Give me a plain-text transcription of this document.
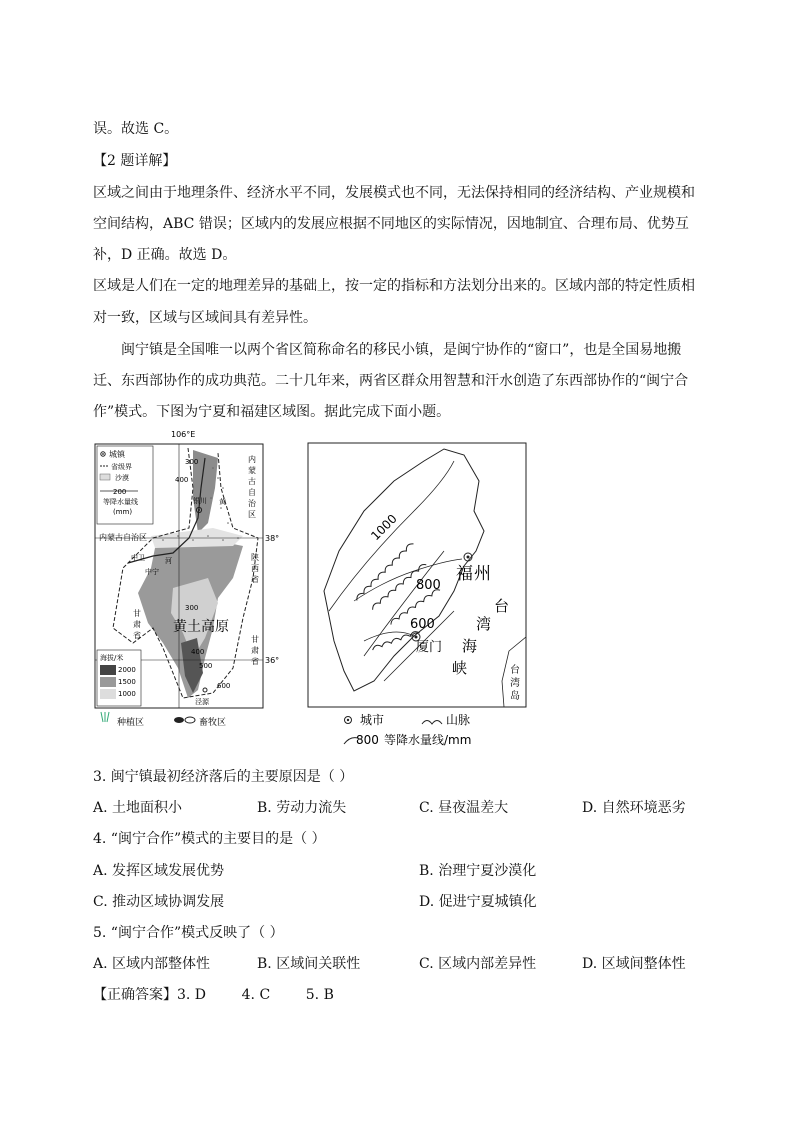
误。故选 C。
【2 题详解】
区域之间由于地理条件、经济水平不同，发展模式也不同，无法保持相同的经济结构、产业规模和
空间结构，ABC 错误；区域内的发展应根据不同地区的实际情况，因地制宜、合理布局、优势互
补，D 正确。故选 D。
区域是人们在一定的地理差异的基础上，按一定的指标和方法划分出来的。区域内部的特定性质相
对一致，区域与区域间具有差异性。
闽宁镇是全国唯一以两个省区简称命名的移民小镇，是闽宁协作的“窗口”，也是全国易地搬
迁、东西部协作的成功典范。二十几年来，两省区群众用智慧和汗水创造了东西部协作的“闽宁合
作”模式。下图为宁夏和福建区域图。据此完成下面小题。
106°E
城镇
省级界
沙漠
200
等降水量线
(mm)
内蒙古自治区
内
蒙
古
自
治
区
陕
西
省
甘
肃
省	甘
肃
省
黄土高原
38°
36°
银川 黄
河
中卫
中宁
泾源
300
400
300
400
500
600
海拔/米
2000
1500
1000
种植区	畜牧区
1000
800
600
福 州
厦门
台
湾
海
峡	台
湾
岛
城市	山脉
800 等降水量线/mm
3. 闽宁镇最初经济落后的主要原因是（ ）
A. 土地面积小	B. 劳动力流失	C. 昼夜温差大	D. 自然环境恶劣
4. “闽宁合作”模式的主要目的是（ ）
A. 发挥区域发展优势	B. 治理宁夏沙漠化
C. 推动区域协调发展	D. 促进宁夏城镇化
5. “闽宁合作”模式反映了（ ）
A. 区域内部整体性	B. 区域间关联性	C. 区域内部差异性	D. 区域间整体性
【正确答案】3. D        4. C        5. B
